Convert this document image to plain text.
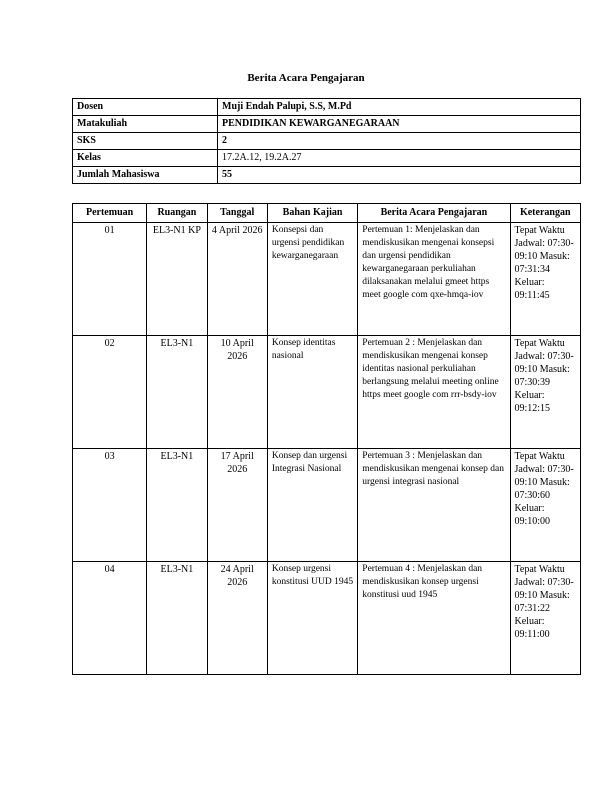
Berita Acara Pengajaran
Dosen	Muji Endah Palupi, S.S, M.Pd
Matakuliah	PENDIDIKAN KEWARGANEGARAAN
SKS	2
Kelas	17.2A.12, 19.2A.27
Jumlah Mahasiswa	55
Pertemuan	Ruangan	Tanggal	Bahan Kajian	Berita Acara Pengajaran	Keterangan
01	EL3-N1 KP	4 April 2026	Konsepsi dan urgensi pendidikan kewarganegaraan	Pertemuan 1: Menjelaskan dan mendiskusikan mengenai konsepsi dan urgensi pendidikan kewarganegaraan perkuliahan dilaksanakan melalui gmeet https meet google com qxe-hmqa-iov	Tepat Waktu Jadwal: 07:30-09:10 Masuk: 07:31:34 Keluar: 09:11:45
02	EL3-N1	10 April 2026	Konsep identitas nasional	Pertemuan 2 : Menjelaskan dan mendiskusikan mengenai konsep identitas nasional perkuliahan berlangsung melalui meeting online https meet google com rrr-bsdy-iov	Tepat Waktu Jadwal: 07:30-09:10 Masuk: 07:30:39 Keluar: 09:12:15
03	EL3-N1	17 April 2026	Konsep dan urgensi Integrasi Nasional	Pertemuan 3 : Menjelaskan dan mendiskusikan mengenai konsep dan urgensi integrasi nasional	Tepat Waktu Jadwal: 07:30-09:10 Masuk: 07:30:60 Keluar: 09:10:00
04	EL3-N1	24 April 2026	Konsep urgensi konstitusi UUD 1945	Pertemuan 4 : Menjelaskan dan mendiskusikan konsep urgensi konstitusi uud 1945	Tepat Waktu Jadwal: 07:30-09:10 Masuk: 07:31:22 Keluar: 09:11:00
